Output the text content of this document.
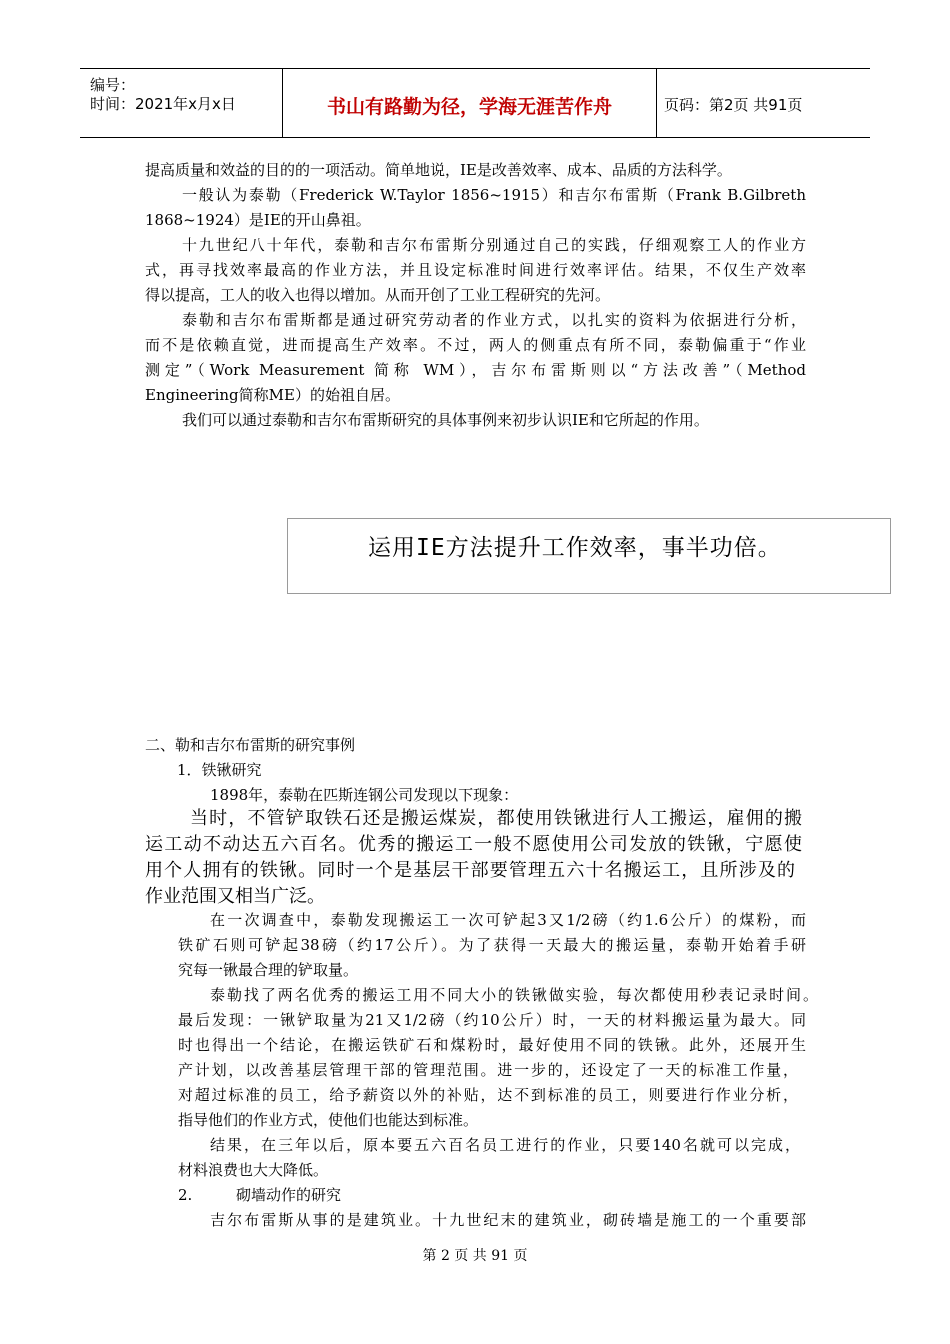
编号：
时间：2021年x月x日	书山有路勤为径，学海无涯苦作舟	页码：第2页 共91页
提高质量和效益的目的的一项活动。简单地说，IE是改善效率、成本、品质的方法科学。
一般认为泰勒（Frederick W.Taylor 1856~1915）和吉尔布雷斯（Frank B.Gilbreth
1868~1924）是IE的开山鼻祖。
十九世纪八十年代，泰勒和吉尔布雷斯分别通过自己的实践，仔细观察工人的作业方
式，再寻找效率最高的作业方法，并且设定标准时间进行效率评估。结果，不仅生产效率
得以提高，工人的收入也得以增加。从而开创了工业工程研究的先河。
泰勒和吉尔布雷斯都是通过研究劳动者的作业方式，以扎实的资料为依据进行分析，
而不是依赖直觉，进而提高生产效率。不过，两人的侧重点有所不同，泰勒偏重于“作业
测定”（Work Measurement 简称 WM），吉尔布雷斯则以“方法改善”（Method
Engineering简称ME）的始祖自居。
我们可以通过泰勒和吉尔布雷斯研究的具体事例来初步认识IE和它所起的作用。
运用IE方法提升工作效率，事半功倍。
二、勒和吉尔布雷斯的研究事例
1．铁锹研究
1898年，泰勒在匹斯连钢公司发现以下现象：
当时，不管铲取铁石还是搬运煤炭，都使用铁锹进行人工搬运，雇佣的搬
运工动不动达五六百名。优秀的搬运工一般不愿使用公司发放的铁锹，宁愿使
用个人拥有的铁锹。同时一个是基层干部要管理五六十名搬运工，且所涉及的
作业范围又相当广泛。
在一次调查中，泰勒发现搬运工一次可铲起3又1/2磅（约1.6公斤）的煤粉，而
铁矿石则可铲起38磅（约17公斤）。为了获得一天最大的搬运量，泰勒开始着手研
究每一锹最合理的铲取量。
泰勒找了两名优秀的搬运工用不同大小的铁锹做实验，每次都使用秒表记录时间。
最后发现：一锹铲取量为21又1/2磅（约10公斤）时，一天的材料搬运量为最大。同
时也得出一个结论，在搬运铁矿石和煤粉时，最好使用不同的铁锹。此外，还展开生
产计划，以改善基层管理干部的管理范围。进一步的，还设定了一天的标准工作量，
对超过标准的员工，给予薪资以外的补贴，达不到标准的员工，则要进行作业分析，
指导他们的作业方式，使他们也能达到标准。
结果，在三年以后，原本要五六百名员工进行的作业，只要140名就可以完成，
材料浪费也大大降低。
2.	砌墙动作的研究
吉尔布雷斯从事的是建筑业。十九世纪末的建筑业，砌砖墙是施工的一个重要部
第 2 页 共 91 页
